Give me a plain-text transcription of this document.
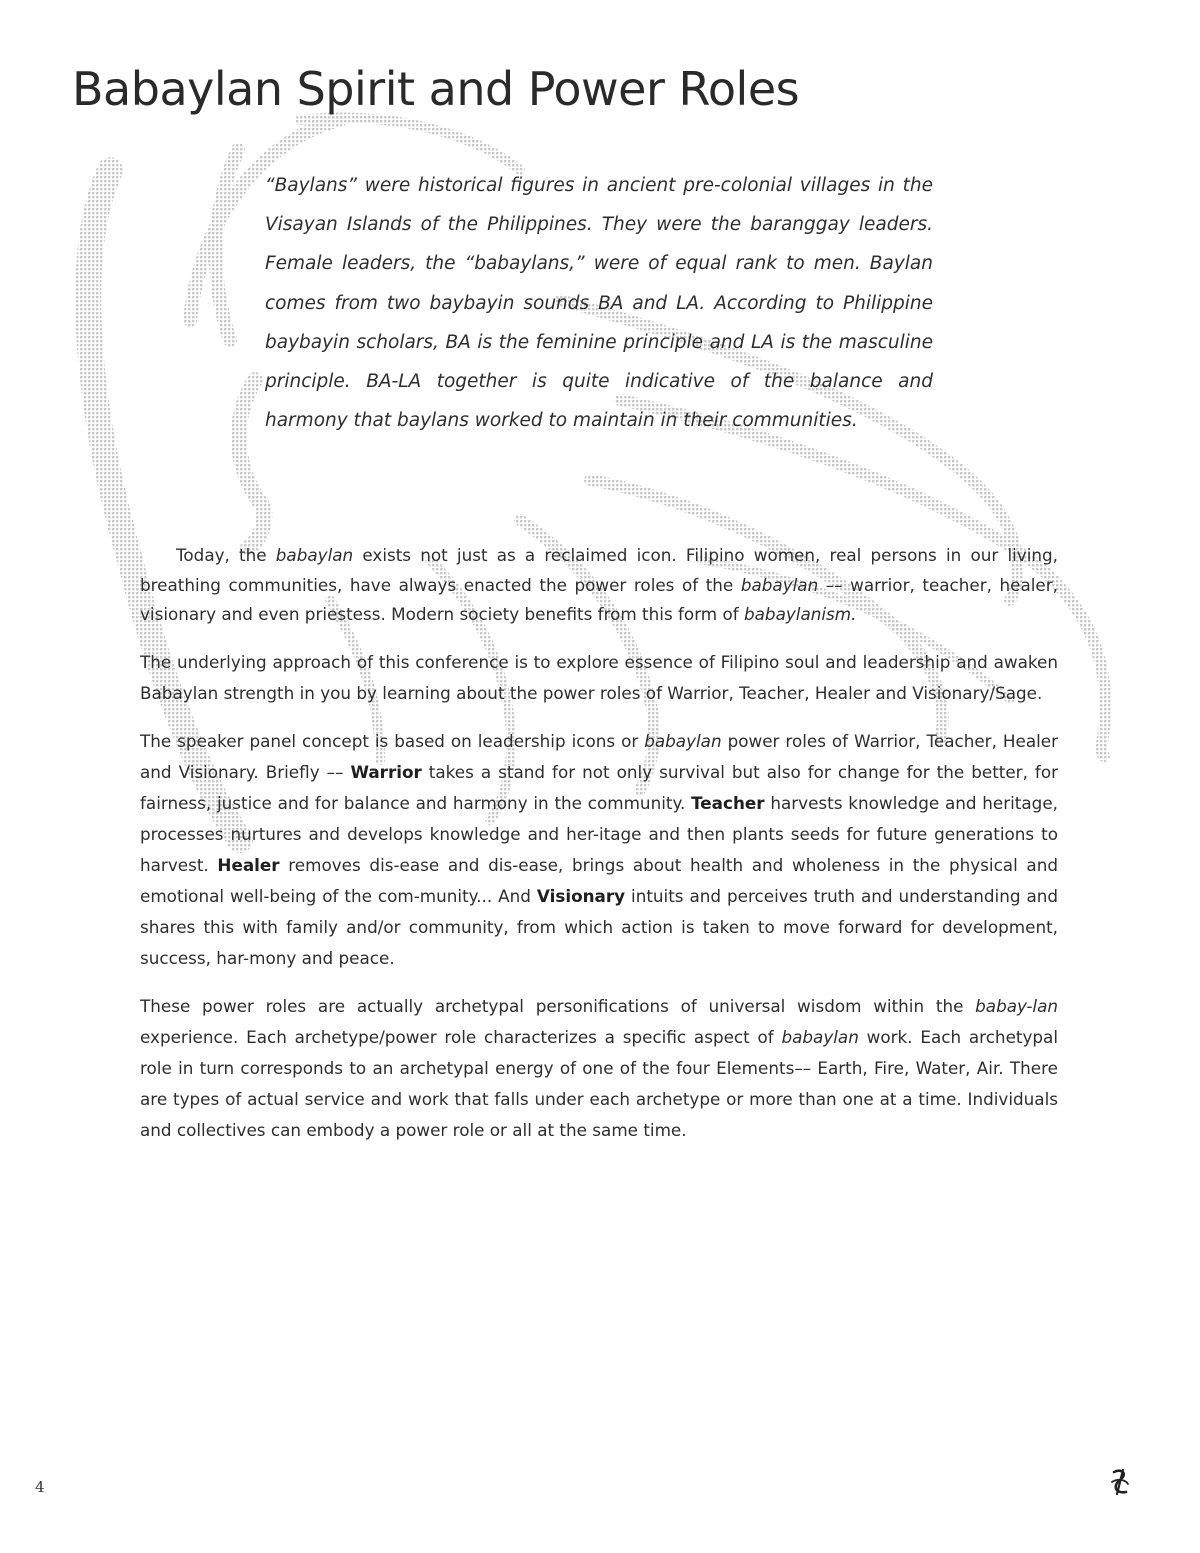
Babaylan Spirit and Power Roles
“Baylans” were historical figures in ancient pre-colonial villages in the Visayan Islands of the Philippines. They were the baranggay leaders. Female leaders, the “babaylans,” were of equal rank to men. Baylan comes from two baybayin sounds BA and LA. According to Philippine baybayin scholars, BA is the feminine principle and LA is the masculine principle. BA-LA together is quite indicative of the balance and harmony that baylans worked to maintain in their communities.

Today, the babaylan exists not just as a reclaimed icon. Filipino women, real persons in our living, breathing communities, have always enacted the power roles of the babaylan –– warrior, teacher, healer, visionary and even priestess. Modern society benefits from this form of babaylanism.

The underlying approach of this conference is to explore essence of Filipino soul and leadership and awaken Babaylan strength in you by learning about the power roles of Warrior, Teacher, Healer and Visionary/Sage.

The speaker panel concept is based on leadership icons or babaylan power roles of Warrior, Teacher, Healer and Visionary. Briefly –– Warrior takes a stand for not only survival but also for change for the better, for fairness, justice and for balance and harmony in the community. Teacher harvests knowledge and heritage, processes nurtures and develops knowledge and her-itage and then plants seeds for future generations to harvest. Healer removes dis-ease and dis-ease, brings about health and wholeness in the physical and emotional well-being of the com-munity... And Visionary intuits and perceives truth and understanding and shares this with family and/or community, from which action is taken to move forward for development, success, har-mony and peace.

These power roles are actually archetypal personifications of universal wisdom within the babay-lan experience. Each archetype/power role characterizes a specific aspect of babaylan work. Each archetypal role in turn corresponds to an archetypal energy of one of the four Elements–– Earth, Fire, Water, Air. There are types of actual service and work that falls under each archetype or more than one at a time. Individuals and collectives can embody a power role or all at the same time.

4
